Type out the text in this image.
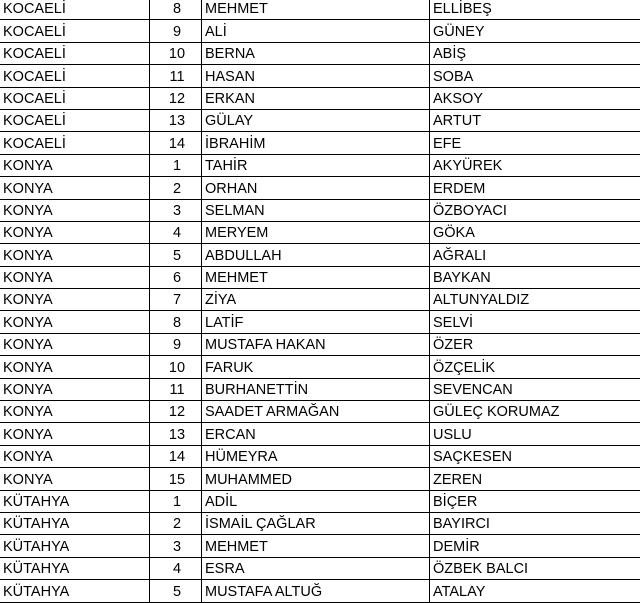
KOCAELİ	8	MEHMET	ELLİBEŞ
KOCAELİ	9	ALİ	GÜNEY
KOCAELİ	10	BERNA	ABİŞ
KOCAELİ	11	HASAN	SOBA
KOCAELİ	12	ERKAN	AKSOY
KOCAELİ	13	GÜLAY	ARTUT
KOCAELİ	14	İBRAHİM	EFE
KONYA	1	TAHİR	AKYÜREK
KONYA	2	ORHAN	ERDEM
KONYA	3	SELMAN	ÖZBOYACI
KONYA	4	MERYEM	GÖKA
KONYA	5	ABDULLAH	AĞRALI
KONYA	6	MEHMET	BAYKAN
KONYA	7	ZİYA	ALTUNYALDIZ
KONYA	8	LATİF	SELVİ
KONYA	9	MUSTAFA HAKAN	ÖZER
KONYA	10	FARUK	ÖZÇELİK
KONYA	11	BURHANETTİN	SEVENCAN
KONYA	12	SAADET ARMAĞAN	GÜLEÇ KORUMAZ
KONYA	13	ERCAN	USLU
KONYA	14	HÜMEYRA	SAÇKESEN
KONYA	15	MUHAMMED	ZEREN
KÜTAHYA	1	ADİL	BİÇER
KÜTAHYA	2	İSMAİL ÇAĞLAR	BAYIRCI
KÜTAHYA	3	MEHMET	DEMİR
KÜTAHYA	4	ESRA	ÖZBEK BALCI
KÜTAHYA	5	MUSTAFA ALTUĞ	ATALAY
